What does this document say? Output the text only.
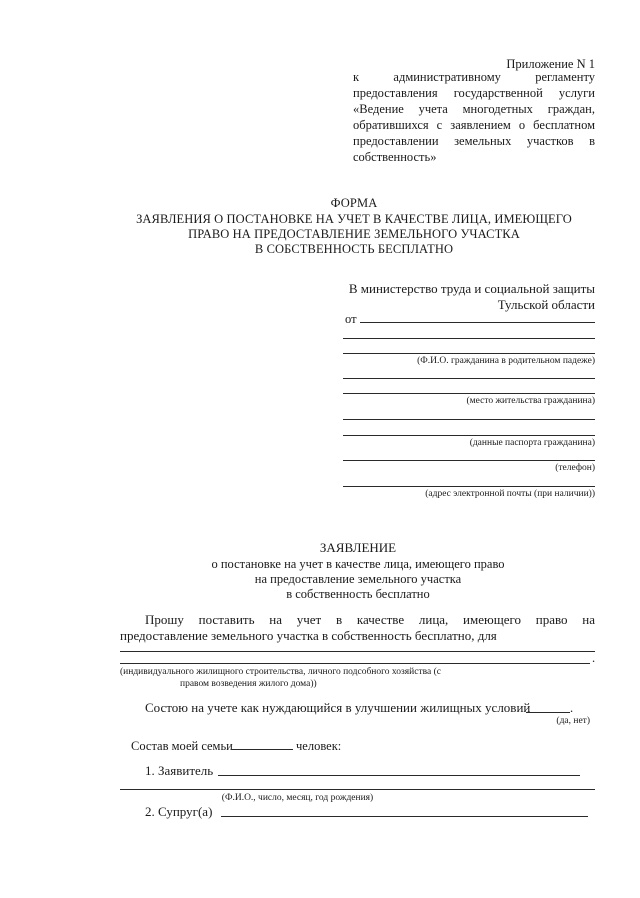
Приложение N 1
к административному регламенту
предоставления государственной услуги
«Ведение учета многодетных граждан,
обратившихся с заявлением о бесплатном
предоставлении земельных участков в
собственность»
ФОРМА
ЗАЯВЛЕНИЯ О ПОСТАНОВКЕ НА УЧЕТ В КАЧЕСТВЕ ЛИЦА, ИМЕЮЩЕГО
ПРАВО НА ПРЕДОСТАВЛЕНИЕ ЗЕМЕЛЬНОГО УЧАСТКА
В СОБСТВЕННОСТЬ БЕСПЛАТНО
В министерство труда и социальной защиты
Тульской области
от
(Ф.И.О. гражданина в родительном падеже)
(место жительства гражданина)
(данные паспорта гражданина)
(телефон)
(адрес электронной почты (при наличии))
ЗАЯВЛЕНИЕ
о постановке на учет в качестве лица, имеющего право
на предоставление земельного участка
в собственность бесплатно
Прошу поставить на учет в качестве лица, имеющего право на
предоставление земельного участка в собственность бесплатно, для
.
(индивидуального жилищного строительства, личного подсобного хозяйства (с
правом возведения жилого дома))
Состою на учете как нуждающийся в улучшении жилищных условий	.
(да, нет)
Состав моей семьи	человек:
1. Заявитель
(Ф.И.О., число, месяц, год рождения)
2. Супруг(а)
